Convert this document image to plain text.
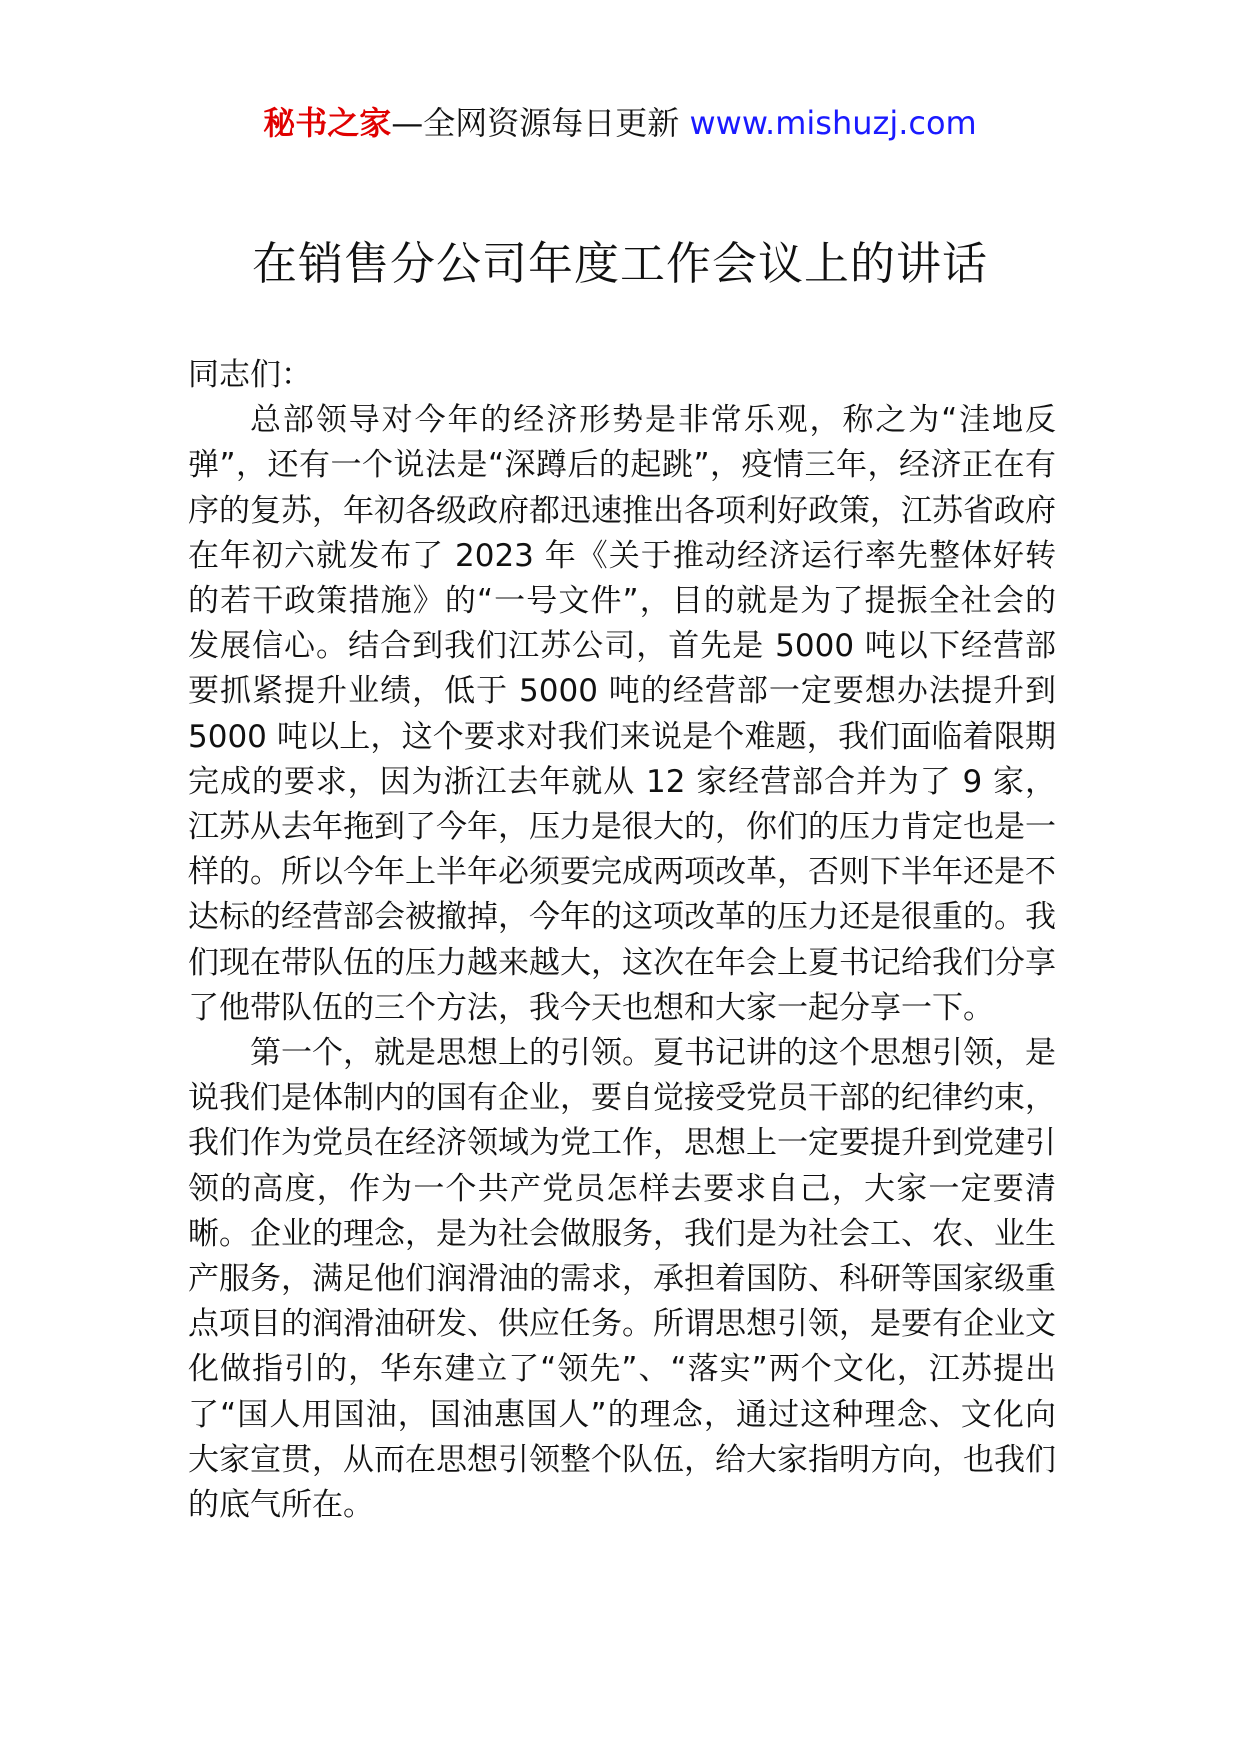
秘书之家—全网资源每日更新 www.mishuzj.com
在销售分公司年度工作会议上的讲话

同志们：

总部领导对今年的经济形势是非常乐观，称之为“洼地反弹”，还有一个说法是“深蹲后的起跳”，疫情三年，经济正在有序的复苏，年初各级政府都迅速推出各项利好政策，江苏省政府在年初六就发布了 2023 年《关于推动经济运行率先整体好转的若干政策措施》的“一号文件”，目的就是为了提振全社会的发展信心。结合到我们江苏公司，首先是 5000 吨以下经营部要抓紧提升业绩，低于 5000 吨的经营部一定要想办法提升到 5000 吨以上，这个要求对我们来说是个难题，我们面临着限期完成的要求，因为浙江去年就从 12 家经营部合并为了 9 家，江苏从去年拖到了今年，压力是很大的，你们的压力肯定也是一样的。所以今年上半年必须要完成两项改革，否则下半年还是不达标的经营部会被撤掉，今年的这项改革的压力还是很重的。我们现在带队伍的压力越来越大，这次在年会上夏书记给我们分享了他带队伍的三个方法，我今天也想和大家一起分享一下。

第一个，就是思想上的引领。夏书记讲的这个思想引领，是说我们是体制内的国有企业，要自觉接受党员干部的纪律约束，我们作为党员在经济领域为党工作，思想上一定要提升到党建引领的高度，作为一个共产党员怎样去要求自己，大家一定要清晰。企业的理念，是为社会做服务，我们是为社会工、农、业生产服务，满足他们润滑油的需求，承担着国防、科研等国家级重点项目的润滑油研发、供应任务。所谓思想引领，是要有企业文化做指引的，华东建立了“领先”、“落实”两个文化，江苏提出了“国人用国油，国油惠国人”的理念，通过这种理念、文化向大家宣贯，从而在思想引领整个队伍，给大家指明方向，也我们的底气所在。
